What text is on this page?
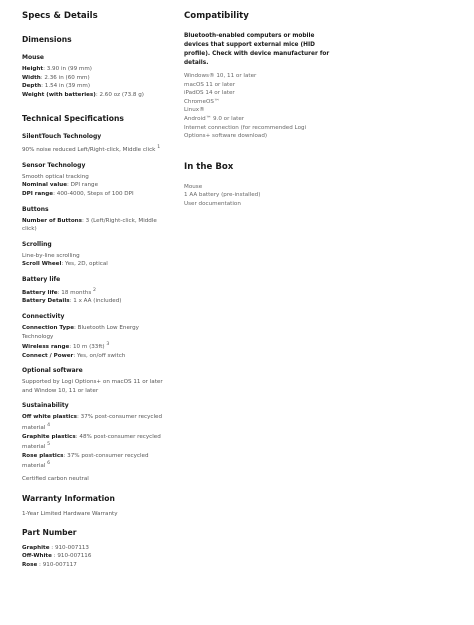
Specs & Details
Dimensions
Mouse
Height: 3.90 in (99 mm)
Width: 2.36 in (60 mm)
Depth: 1.54 in (39 mm)
Weight (with batteries): 2.60 oz (73.8 g)
Technical Specifications
SilentTouch Technology
90% noise reduced Left/Right-click, Middle click $^1$
Sensor Technology
Smooth optical tracking
Nominal value: DPI range
DPI range: 400-4000, Steps of 100 DPI
Buttons
Number of Buttons: 3 (Left/Right-click, Middle click)
Scrolling
Line-by-line scrolling
Scroll Wheel: Yes, 2D, optical
Battery life
Battery life: 18 months $^2$
Battery Details: 1 x AA (included)
Connectivity
Connection Type: Bluetooth Low Energy Technology
Wireless range: 10 m (33ft) $^3$
Connect / Power: Yes, on/off switch
Optional software
Supported by Logi Options+ on macOS 11 or later and Window 10, 11 or later
Sustainability
Off white plastics: 37% post-consumer recycled material $^4$
Graphite plastics: 48% post-consumer recycled material $^5$
Rose plastics: 37% post-consumer recycled material $^6$
Certified carbon neutral
Warranty Information
1-Year Limited Hardware Warranty
Part Number
Graphite : 910-007113
Off-White : 910-007116
Rose : 910-007117
Compatibility
Bluetooth-enabled computers or mobile devices that support external mice (HID profile). Check with device manufacturer for details.
Windows® 10, 11 or later
macOS 11 or later
iPadOS 14 or later
ChromeOS™
Linux®
Android™ 9.0 or later
Internet connection (for recommended Logi Options+ software download)
In the Box
Mouse
1 AA battery (pre-installed)
User documentation
